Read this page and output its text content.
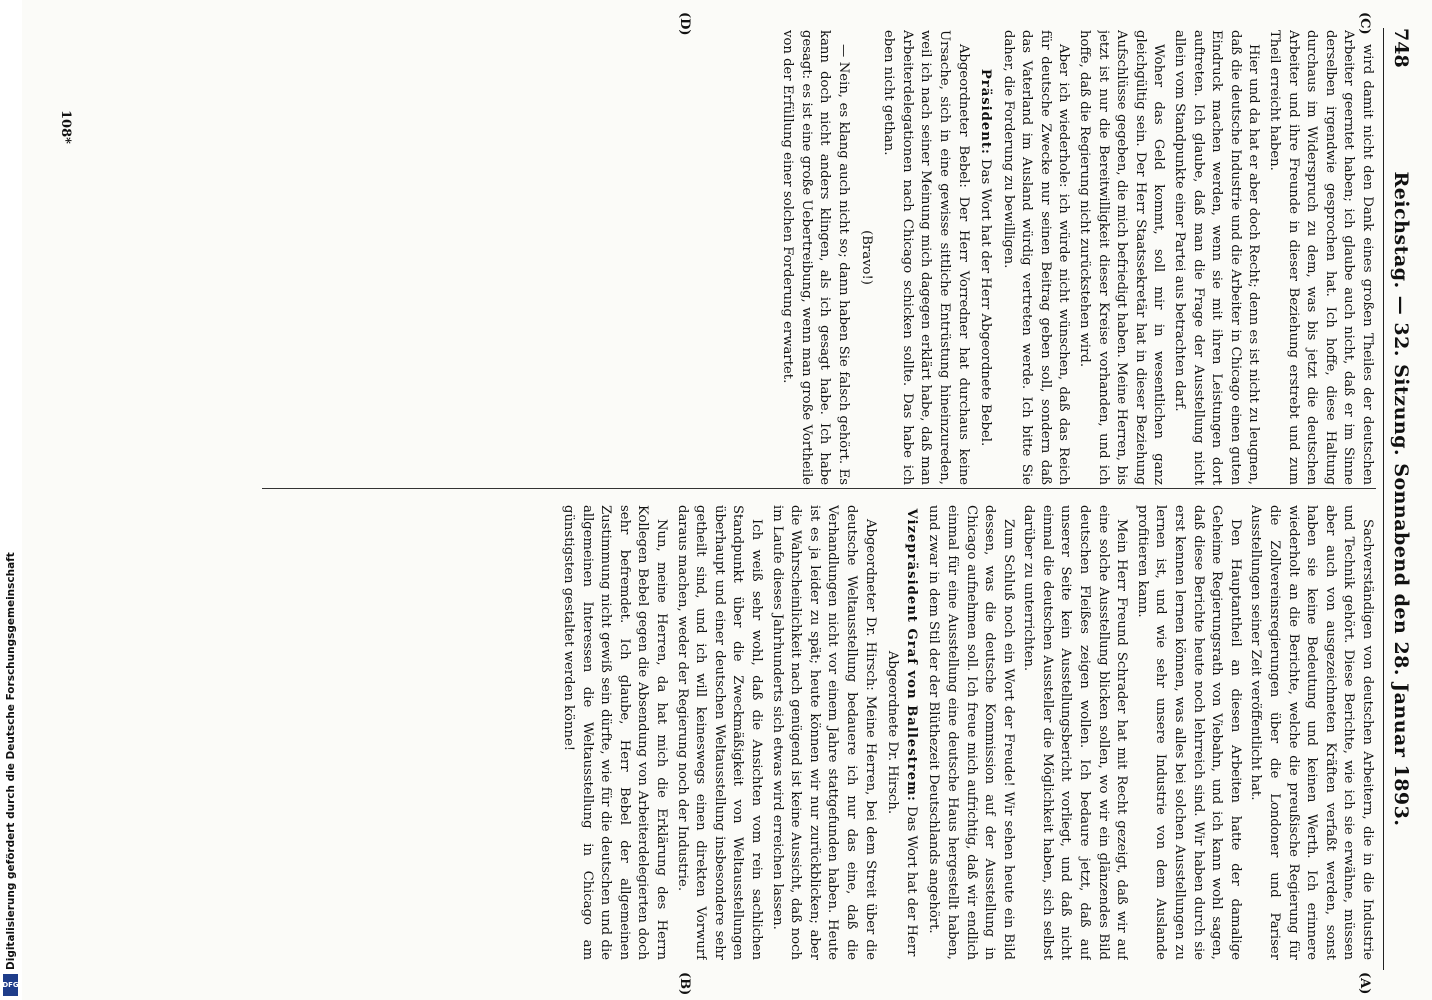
748
Reichstag. — 32. Sitzung. Sonnabend den 28. Januar 1893.
(C)
(D)
(A)
(B)

wird damit nicht den Dank eines großen Theiles der deutschen Arbeiter geerntet haben; ich glaube auch nicht, daß er im Sinne derselben irgendwie gesprochen hat. Ich hoffe, diese Haltung durchaus im Widerspruch zu dem, was bis jetzt die deutschen Arbeiter und ihre Freunde in dieser Beziehung erstrebt und zum Theil erreicht haben.

Hier und da hat er aber doch Recht; denn es ist nicht zu leugnen, daß die deutsche Industrie und die Arbeiter in Chicago einen guten Eindruck machen werden, wenn sie mit ihren Leistungen dort auftreten. Ich glaube, daß man die Frage der Ausstellung nicht allein vom Standpunkte einer Partei aus betrachten darf.

Woher das Geld kommt, soll mir in wesentlichen ganz gleichgültig sein. Der Herr Staatssekretär hat in dieser Beziehung Aufschlüsse gegeben, die mich befriedigt haben. Meine Herren, bis jetzt ist nur die Bereitwilligkeit dieser Kreise vorhanden, und ich hoffe, daß die Regierung nicht zurückstehen wird.

Aber ich wiederhole: ich würde nicht wünschen, daß das Reich für deutsche Zwecke nur seinen Beitrag geben soll, sondern daß das Vaterland im Ausland würdig vertreten werde. Ich bitte Sie daher, die Forderung zu bewilligen.

Präsident: Das Wort hat der Herr Abgeordnete Bebel.

Abgeordneter Bebel: Der Herr Vorredner hat durchaus keine Ursache, sich in eine gewisse sittliche Entrüstung hineinzureden, weil ich nach seiner Meinung mich dagegen erklärt habe, daß man Arbeiterdelegationen nach Chicago schicken sollte. Das habe ich eben nicht gethan.

(Bravo!)

— Nein, es klang auch nicht so; dann haben Sie falsch gehört. Es kann doch nicht anders klingen, als ich gesagt habe. Ich habe gesagt: es ist eine große Uebertreibung, wenn man große Vortheile von der Erfüllung einer solchen Forderung erwartet.

Sachverständigen von deutschen Arbeitern, die in die Industrie und Technik gehört. Diese Berichte, wie ich sie erwähne, müssen aber auch von ausgezeichneten Kräften verfaßt werden, sonst haben sie keine Bedeutung und keinen Werth. Ich erinnere wiederholt an die Berichte, welche die preußische Regierung für die Zollvereinsregierungen über die Londoner und Pariser Ausstellungen seiner Zeit veröffentlicht hat.

Den Hauptantheil an diesen Arbeiten hatte der damalige Geheime Regierungsrath von Viebahn, und ich kann wohl sagen, daß diese Berichte heute noch lehrreich sind. Wir haben durch sie erst kennen lernen können, was alles bei solchen Ausstellungen zu lernen ist, und wie sehr unsere Industrie von dem Auslande profitieren kann.

Mein Herr Freund Schrader hat mit Recht gezeigt, daß wir auf eine solche Ausstellung blicken sollen, wo wir ein glänzendes Bild deutschen Fleißes zeigen wollen. Ich bedaure jetzt, daß auf unserer Seite kein Ausstellungsbericht vorliegt, und daß nicht einmal die deutschen Aussteller die Möglichkeit haben, sich selbst darüber zu unterrichten.

Zum Schluß noch ein Wort der Freude! Wir sehen heute ein Bild dessen, was die deutsche Kommission auf der Ausstellung in Chicago aufnehmen soll. Ich freue mich aufrichtig, daß wir endlich einmal für eine Ausstellung eine deutsche Haus hergestellt haben, und zwar in dem Stil der der Blüthezeit Deutschlands angehört.

Vizepräsident Graf von Ballestrem: Das Wort hat der Herr Abgeordnete Dr. Hirsch.

Abgeordneter Dr. Hirsch: Meine Herren, bei dem Streit über die deutsche Weltausstellung bedauere ich nur das eine, daß die Verhandlungen nicht vor einem Jahre stattgefunden haben. Heute ist es ja leider zu spät; heute können wir nur zurückblicken; aber die Wahrscheinlichkeit nach genügend ist keine Aussicht, daß noch im Laufe dieses Jahrhunderts sich etwas wird erreichen lassen.

Ich weiß sehr wohl, daß die Ansichten vom rein sachlichen Standpunkt über die Zweckmäßigkeit von Weltausstellungen überhaupt und einer deutschen Weltausstellung insbesondere sehr getheilt sind, und ich will keineswegs einen direkten Vorwurf daraus machen, weder der Regierung noch der Industrie.

Nun, meine Herren, da hat mich die Erklärung des Herrn Kollegen Bebel gegen die Absendung von Arbeiterdelegierten doch sehr befremdet. Ich glaube, Herr Bebel der allgemeinen Zustimmung nicht gewiß sein dürfte, wie für die deutschen und die allgemeinen Interessen die Weltausstellung in Chicago am günstigsten gestaltet werden könne!

108*
Digitalisierung gefördert durch die Deutsche Forschungsgemeinschaft
DFG
